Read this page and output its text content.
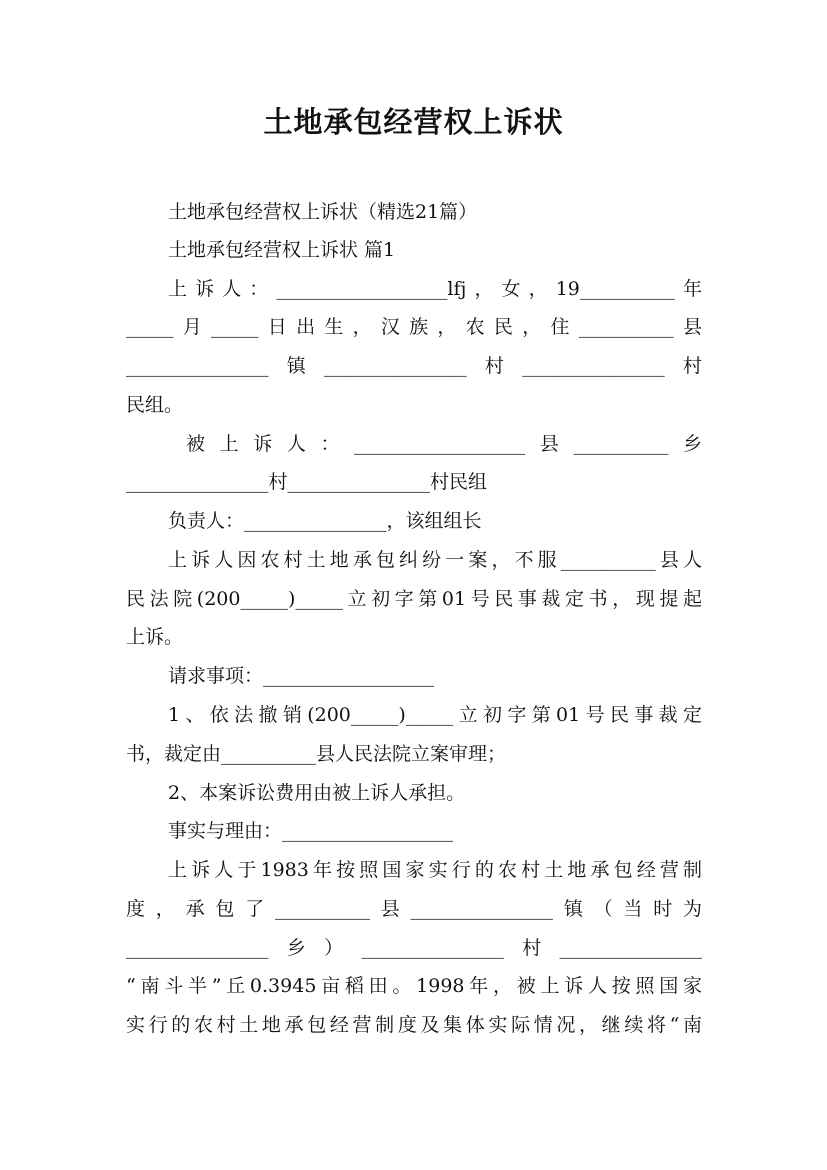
土地承包经营权上诉状
土地承包经营权上诉状（精选21篇）
土地承包经营权上诉状 篇1
上诉人：__________________lfj，女，19__________年
_____月_____日出生，汉族，农民，住__________县
_______________镇_______________村_______________村
民组。
被上诉人：__________________县__________乡
_______________村_______________村民组
负责人：_______________，该组组长
上诉人因农村土地承包纠纷一案，不服__________县人
民法院(200_____)_____立初字第01号民事裁定书，现提起
上诉。
请求事项：__________________
1、依法撤销(200_____)_____立初字第01号民事裁定
书，裁定由__________县人民法院立案审理；
2、本案诉讼费用由被上诉人承担。
事实与理由：__________________
上诉人于1983年按照国家实行的农村土地承包经营制
度，承包了__________县_______________镇（当时为
_______________乡）_______________村_______________
“南斗半”丘0.3945亩稻田。1998年，被上诉人按照国家
实行的农村土地承包经营制度及集体实际情况，继续将“南
